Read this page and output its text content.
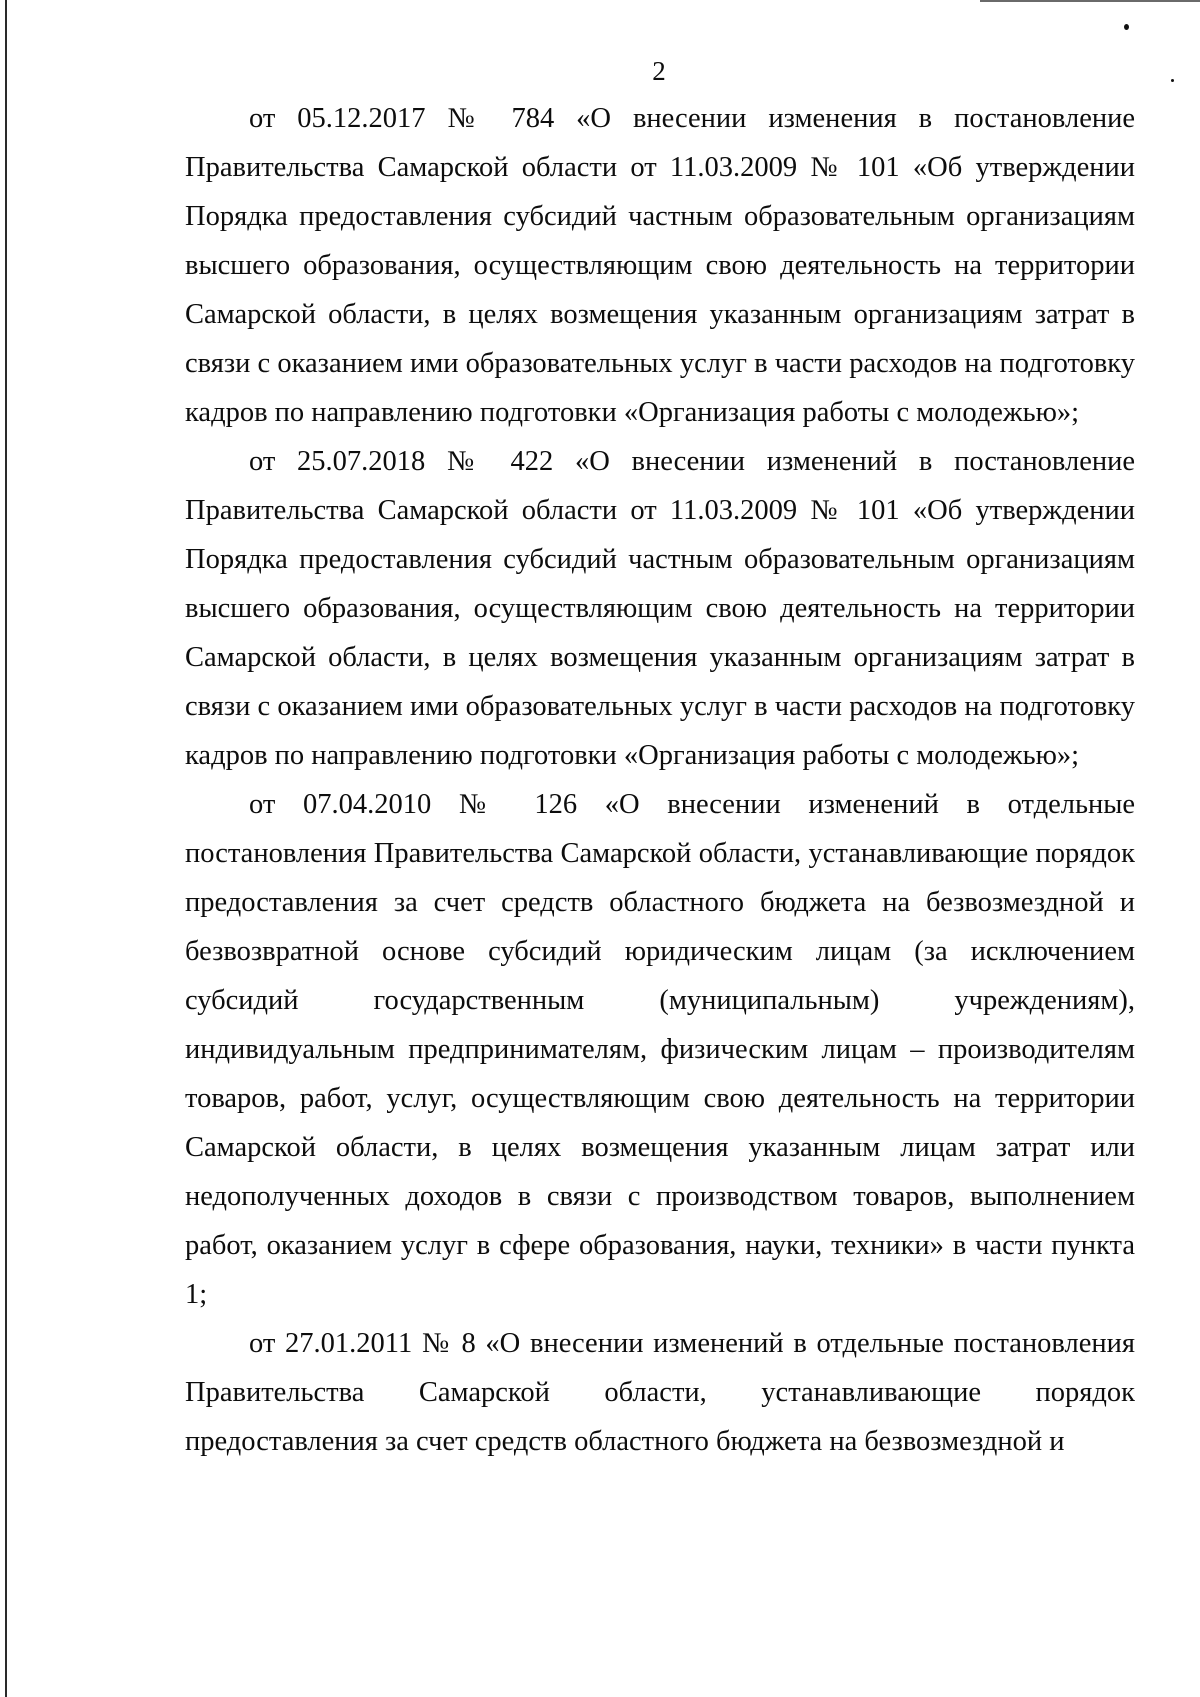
2

от 05.12.2017 № 784 «О внесении изменения в постановление Правительства Самарской области от 11.03.2009 № 101 «Об утверждении Порядка предоставления субсидий частным образовательным организациям высшего образования, осуществляющим свою деятельность на территории Самарской области, в целях возмещения указанным организациям затрат в связи с оказанием ими образовательных услуг в части расходов на подготовку кадров по направлению подготовки «Организация работы с молодежью»;

от 25.07.2018 № 422 «О внесении изменений в постановление Правительства Самарской области от 11.03.2009 № 101 «Об утверждении Порядка предоставления субсидий частным образовательным организациям высшего образования, осуществляющим свою деятельность на территории Самарской области, в целях возмещения указанным организациям затрат в связи с оказанием ими образовательных услуг в части расходов на подготовку кадров по направлению подготовки «Организация работы с молодежью»;

от 07.04.2010 № 126 «О внесении изменений в отдельные постановления Правительства Самарской области, устанавливающие порядок предоставления за счет средств областного бюджета на безвозмездной и безвозвратной основе субсидий юридическим лицам (за исключением субсидий государственным (муниципальным) учреждениям), индивидуальным предпринимателям, физическим лицам – производителям товаров, работ, услуг, осуществляющим свою деятельность на территории Самарской области, в целях возмещения указанным лицам затрат или недополученных доходов в связи с производством товаров, выполнением работ, оказанием услуг в сфере образования, науки, техники» в части пункта 1;

от 27.01.2011 № 8 «О внесении изменений в отдельные постановления Правительства Самарской области, устанавливающие порядок предоставления за счет средств областного бюджета на безвозмездной и
